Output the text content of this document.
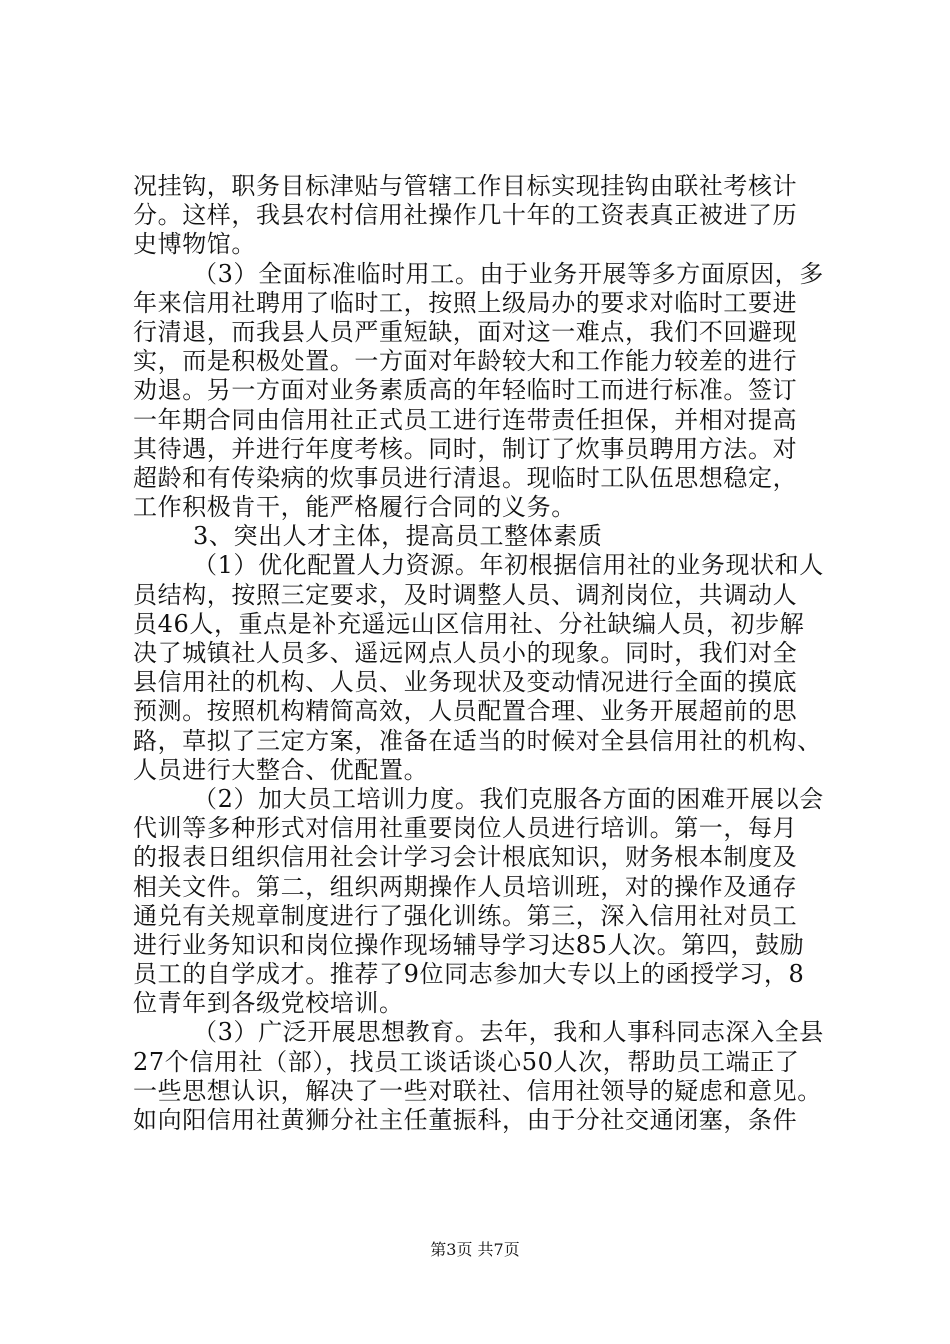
况挂钩，职务目标津贴与管辖工作目标实现挂钩由联社考核计
分。这样，我县农村信用社操作几十年的工资表真正被进了历
史博物馆。
（3）全面标准临时用工。由于业务开展等多方面原因，多
年来信用社聘用了临时工，按照上级局办的要求对临时工要进
行清退，而我县人员严重短缺，面对这一难点，我们不回避现
实，而是积极处置。一方面对年龄较大和工作能力较差的进行
劝退。另一方面对业务素质高的年轻临时工而进行标准。签订
一年期合同由信用社正式员工进行连带责任担保，并相对提高
其待遇，并进行年度考核。同时，制订了炊事员聘用方法。对
超龄和有传染病的炊事员进行清退。现临时工队伍思想稳定，
工作积极肯干，能严格履行合同的义务。
3、突出人才主体，提高员工整体素质
（1）优化配置人力资源。年初根据信用社的业务现状和人
员结构，按照三定要求，及时调整人员、调剂岗位，共调动人
员46人，重点是补充遥远山区信用社、分社缺编人员，初步解
决了城镇社人员多、遥远网点人员小的现象。同时，我们对全
县信用社的机构、人员、业务现状及变动情况进行全面的摸底
预测。按照机构精简高效，人员配置合理、业务开展超前的思
路，草拟了三定方案，准备在适当的时候对全县信用社的机构、
人员进行大整合、优配置。
（2）加大员工培训力度。我们克服各方面的困难开展以会
代训等多种形式对信用社重要岗位人员进行培训。第一，每月
的报表日组织信用社会计学习会计根底知识，财务根本制度及
相关文件。第二，组织两期操作人员培训班，对的操作及通存
通兑有关规章制度进行了强化训练。第三，深入信用社对员工
进行业务知识和岗位操作现场辅导学习达85人次。第四，鼓励
员工的自学成才。推荐了9位同志参加大专以上的函授学习，8
位青年到各级党校培训。
（3）广泛开展思想教育。去年，我和人事科同志深入全县
27个信用社（部），找员工谈话谈心50人次，帮助员工端正了
一些思想认识，解决了一些对联社、信用社领导的疑虑和意见。
如向阳信用社黄狮分社主任董振科，由于分社交通闭塞，条件
第3页 共7页
